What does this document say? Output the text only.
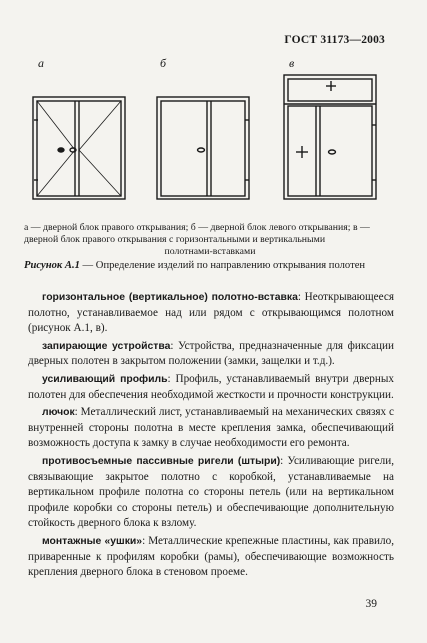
ГОСТ 31173—2003
а	б	в
а — дверной блок правого открывания; б — дверной блок левого открывания; в —
дверной блок правого открывания с горизонтальными и вертикальными

полотнами-вставками
Рисунок А.1 — Определение изделий по направлению открывания полотен

горизонтальное (вертикальное) полотно-вставка: Неоткрывающееся полотно, устанавливаемое над или рядом с открывающимся полотном (рисунок А.1, в).

запирающие устройства: Устройства, предназначенные для фиксации дверных полотен в закрытом положении (замки, защелки и т.д.).

усиливающий профиль: Профиль, устанавливаемый внутри дверных полотен для обеспечения необходимой жесткости и прочности конструкции.

лючок: Металлический лист, устанавливаемый на механических связях с внутренней стороны полотна в месте крепления замка, обеспечивающий возможность доступа к замку в случае необходимости его ремонта.

противосъемные пассивные ригели (штыри): Усиливающие ригели, связывающие закрытое полотно с коробкой, устанавливаемые на вертикальном профиле полотна со стороны петель (или на вертикальном профиле коробки со стороны петель) и обеспечивающие дополнительную стойкость дверного блока к взлому.

монтажные «ушки»: Металлические крепежные пластины, как правило, приваренные к профилям коробки (рамы), обеспечивающие возможность крепления дверного блока в стеновом проеме.

39
